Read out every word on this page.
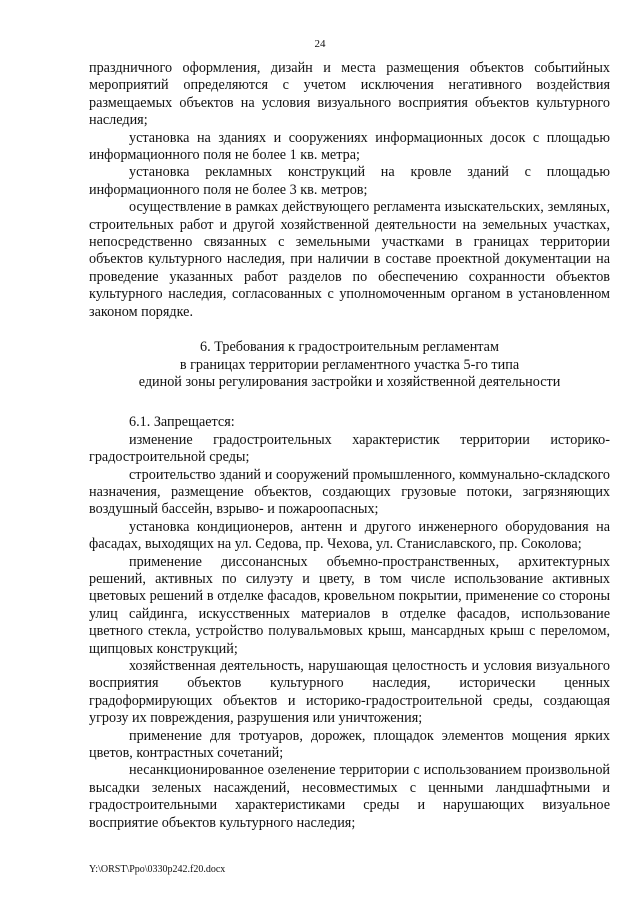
24

праздничного оформления, дизайн и места размещения объектов событийных мероприятий определяются с учетом исключения негативного воздействия размещаемых объектов на условия визуального восприятия объектов культурного наследия;

установка на зданиях и сооружениях информационных досок с площадью информационного поля не более 1 кв. метра;

установка рекламных конструкций на кровле зданий с площадью информационного поля не более 3 кв. метров;

осуществление в рамках действующего регламента изыскательских, земляных, строительных работ и другой хозяйственной деятельности на земельных участках, непосредственно связанных с земельными участками в границах территории объектов культурного наследия, при наличии в составе проектной документации на проведение указанных работ разделов по обеспечению сохранности объектов культурного наследия, согласованных с уполномоченным органом в установленном законом порядке.

6. Требования к градостроительным регламентам
в границах территории регламентного участка 5-го типа
единой зоны регулирования застройки и хозяйственной деятельности

6.1. Запрещается:

изменение градостроительных характеристик территории историко-градостроительной среды;

строительство зданий и сооружений промышленного, коммунально-складского назначения, размещение объектов, создающих грузовые потоки, загрязняющих воздушный бассейн, взрыво- и пожароопасных;

установка кондиционеров, антенн и другого инженерного оборудования на фасадах, выходящих на ул. Седова, пр. Чехова, ул. Станиславского, пр. Соколова;

применение диссонансных объемно-пространственных, архитектурных решений, активных по силуэту и цвету, в том числе использование активных цветовых решений в отделке фасадов, кровельном покрытии, применение со стороны улиц сайдинга, искусственных материалов в отделке фасадов, использование цветного стекла, устройство полувальмовых крыш, мансардных крыш с переломом, щипцовых конструкций;

хозяйственная деятельность, нарушающая целостность и условия визуального восприятия объектов культурного наследия, исторически ценных градоформирующих объектов и историко-градостроительной среды, создающая угрозу их повреждения, разрушения или уничтожения;

применение для тротуаров, дорожек, площадок элементов мощения ярких цветов, контрастных сочетаний;

несанкционированное озеленение территории с использованием произвольной высадки зеленых насаждений, несовместимых с ценными ландшафтными и градостроительными характеристиками среды и нарушающих визуальное восприятие объектов культурного наследия;

Y:\ORST\Ppo\0330p242.f20.docx
